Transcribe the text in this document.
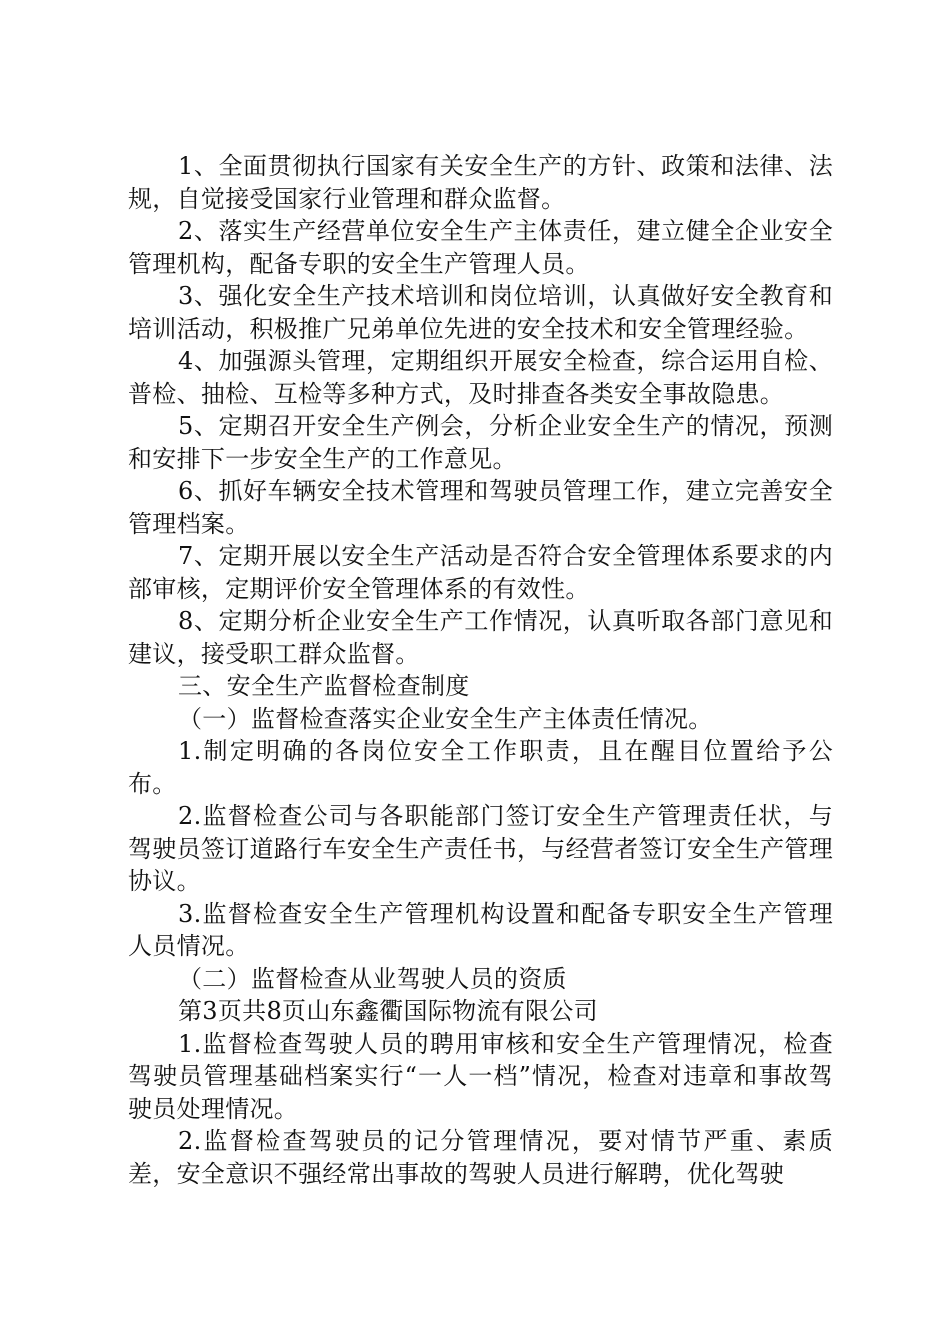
1、全面贯彻执行国家有关安全生产的方针、政策和法律、法规，自觉接受国家行业管理和群众监督。

2、落实生产经营单位安全生产主体责任，建立健全企业安全管理机构，配备专职的安全生产管理人员。

3、强化安全生产技术培训和岗位培训，认真做好安全教育和培训活动，积极推广兄弟单位先进的安全技术和安全管理经验。

4、加强源头管理，定期组织开展安全检查，综合运用自检、普检、抽检、互检等多种方式，及时排查各类安全事故隐患。

5、定期召开安全生产例会，分析企业安全生产的情况，预测和安排下一步安全生产的工作意见。

6、抓好车辆安全技术管理和驾驶员管理工作，建立完善安全管理档案。

7、定期开展以安全生产活动是否符合安全管理体系要求的内部审核，定期评价安全管理体系的有效性。

8、定期分析企业安全生产工作情况，认真听取各部门意见和建议，接受职工群众监督。

三、安全生产监督检查制度

（一）监督检查落实企业安全生产主体责任情况。

1.制定明确的各岗位安全工作职责，且在醒目位置给予公布。

2.监督检查公司与各职能部门签订安全生产管理责任状，与驾驶员签订道路行车安全生产责任书，与经营者签订安全生产管理协议。

3.监督检查安全生产管理机构设置和配备专职安全生产管理人员情况。

（二）监督检查从业驾驶人员的资质

第3页共8页山东鑫衢国际物流有限公司

1.监督检查驾驶人员的聘用审核和安全生产管理情况，检查驾驶员管理基础档案实行“一人一档”情况，检查对违章和事故驾驶员处理情况。

2.监督检查驾驶员的记分管理情况，要对情节严重、素质差，安全意识不强经常出事故的驾驶人员进行解聘，优化驾驶
